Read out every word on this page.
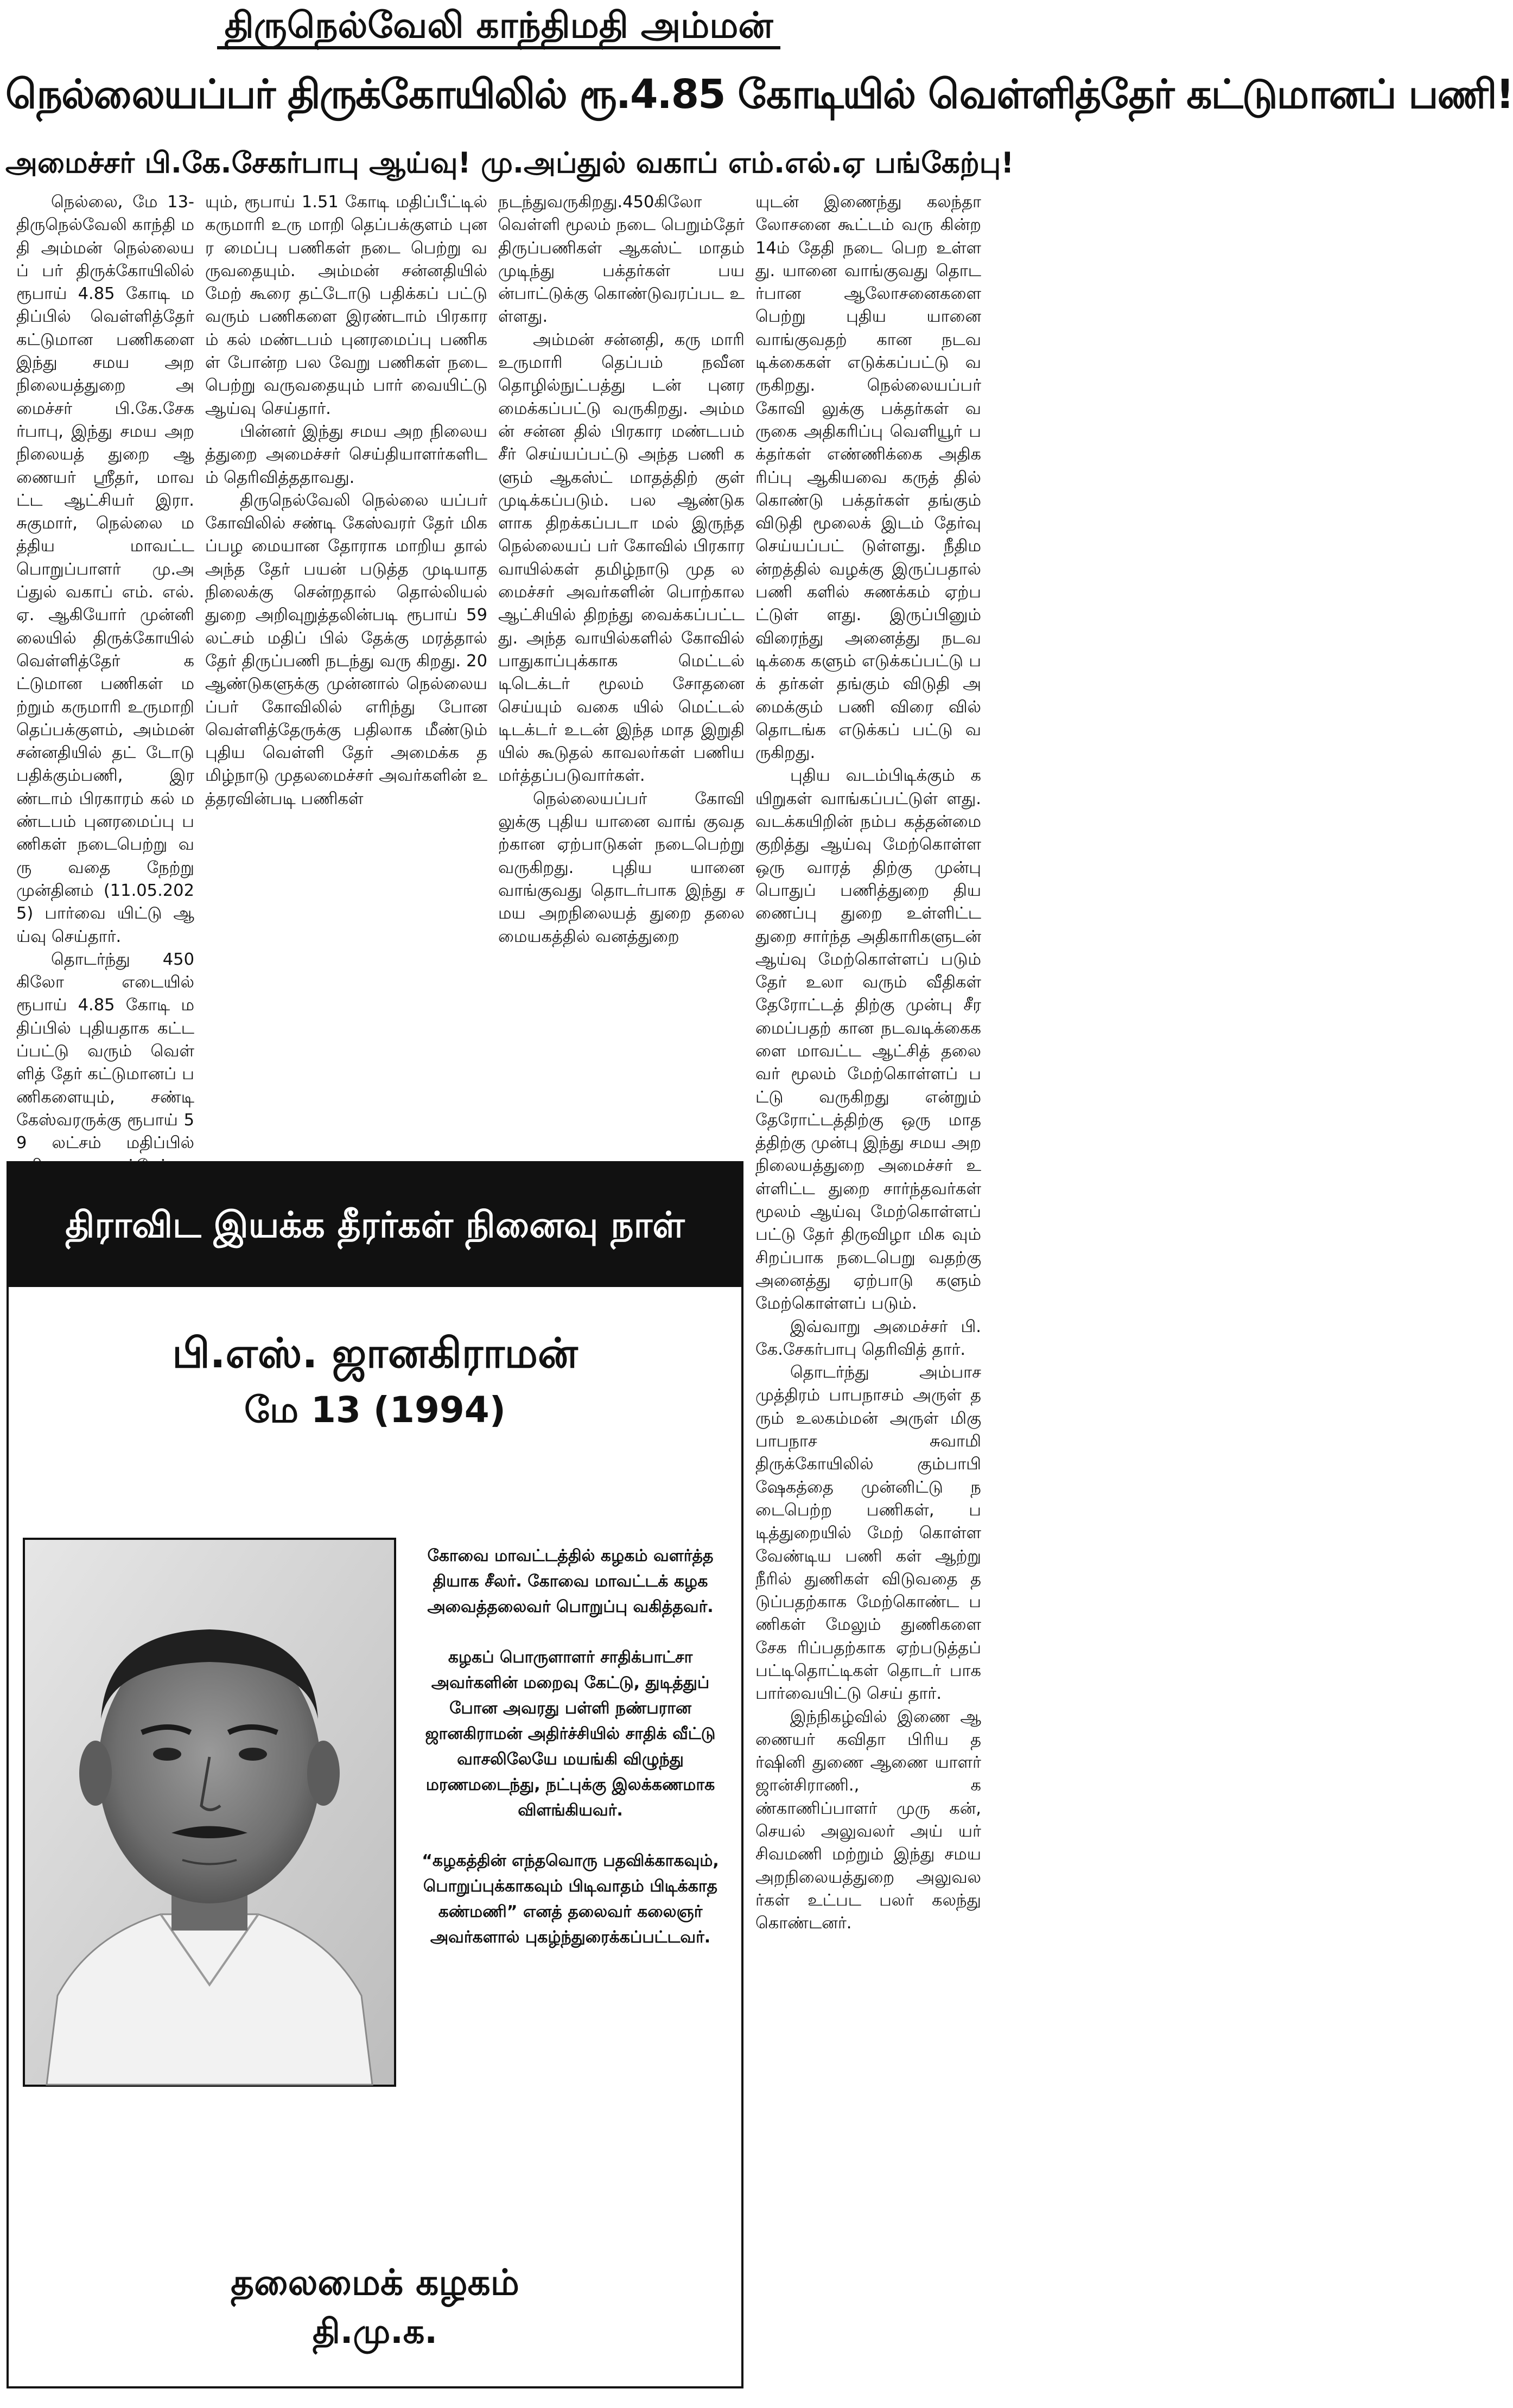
திருநெல்வேலி காந்திமதி அம்மன்
நெல்லையப்பர் திருக்கோயிலில் ரூ.4.85 கோடியில் வெள்ளித்தேர் கட்டுமானப் பணி!
அமைச்சர் பி.கே.சேகர்பாபு ஆய்வு! மு.அப்துல் வகாப் எம்.எல்.ஏ பங்கேற்பு!

நெல்லை, மே 13- திருநெல்வேலி காந்தி மதி அம்மன் நெல்லையப் பர் திருக்கோயிலில் ரூபாய் 4.85 கோடி மதிப்பில் வெள்ளித்தேர் கட்டுமான பணிகளை இந்து சமய அற நிலையத்துறை அமைச்சர் பி.கே.சேகர்பாபு, இந்து சமய அறநிலையத் துறை ஆணையர் ஸ்ரீதர், மாவட்ட ஆட்சியர் இரா. சுகுமார், நெல்லை மத்திய மாவட்ட பொறுப்பாளர் மு.அப்துல் வகாப் எம். எல்.ஏ. ஆகியோர் முன்னி லையில் திருக்கோயில் வெள்ளித்தேர் கட்டுமான பணிகள் மற்றும் கருமாரி உருமாறி தெப்பக்குளம், அம்மன் சன்னதியில் தட் டோடு பதிக்கும்பணி, இரண்டாம் பிரகாரம் கல் மண்டபம் புனரமைப்பு பணிகள் நடைபெற்று வரு வதை நேற்று முன்தினம் (11.05.2025) பார்வை யிட்டு ஆய்வு செய்தார்.

தொடர்ந்து 450 கிலோ எடையில் ரூபாய் 4.85 கோடி மதிப்பில் புதியதாக கட்டப்பட்டு வரும் வெள் ளித் தேர் கட்டுமானப் பணிகளையும், சண்டி கேஸ்வரருக்கு ரூபாய் 59 லட்சம் மதிப்பில்

யும், ரூபாய் 1.51 கோடி மதிப்பீட்டில் கருமாரி உரு மாறி தெப்பக்குளம் புனர மைப்பு பணிகள் நடை பெற்று வருவதையும். அம்மன் சன்னதியில் மேற் கூரை தட்டோடு பதிக்கப் பட்டு வரும் பணிகளை இரண்டாம் பிரகாரம் கல் மண்டபம் புனரமைப்பு பணிகள் போன்ற பல வேறு பணிகள் நடை பெற்று வருவதையும் பார் வையிட்டு ஆய்வு செய்தார்.

பின்னர் இந்து சமய அற நிலையத்துறை அமைச்சர் செய்தியாளர்களிடம் தெரிவித்ததாவது.

திருநெல்வேலி நெல்லை யப்பர் கோவிலில் சண்டி கேஸ்வரர் தேர் மிகப்பழ மையான தோராக மாறிய தால் அந்த தேர் பயன் படுத்த முடியாத நிலைக்கு சென்றதால் தொல்லியல் துறை அறிவுறுத்தலின்படி ரூபாய் 59 லட்சம் மதிப் பில் தேக்கு மரத்தால் தேர் திருப்பணி நடந்து வரு கிறது. 20 ஆண்டுகளுக்கு முன்னால் நெல்லையப்பர் கோவிலில் எரிந்து போன வெள்ளித்தேருக்கு பதிலாக மீண்டும் புதிய வெள்ளி தேர் அமைக்க தமிழ்நாடு முதலமைச்சர் அவர்களின் உத்தரவின்படி பணிகள்

நடந்துவருகிறது.450கிலோ வெள்ளி மூலம் நடை பெறும்தேர் திருப்பணிகள் ஆகஸ்ட் மாதம் முடிந்து பக்தர்கள் பயன்பாட்டுக்கு கொண்டுவரப்பட உள்ளது.

அம்மன் சன்னதி, கரு மாரி உருமாரி தெப்பம் நவீன தொழில்நுட்பத்து டன் புனரமைக்கப்பட்டு வருகிறது. அம்மன் சன்ன தில் பிரகார மண்டபம் சீர் செய்யப்பட்டு அந்த பணி களும் ஆகஸ்ட் மாதத்திற் குள் முடிக்கப்படும். பல ஆண்டுகளாக திறக்கப்படா மல் இருந்த நெல்லையப் பர் கோவில் பிரகார வாயில்கள் தமிழ்நாடு முத லமைச்சர் அவர்களின் பொற்கால ஆட்சியில் திறந்து வைக்கப்பட்டது. அந்த வாயில்களில் கோவில் பாதுகாப்புக்காக மெட்டல் டிடெக்டர் மூலம் சோதனை செய்யும் வகை யில் மெட்டல் டிடக்டர் உடன் இந்த மாத இறுதி யில் கூடுதல் காவலர்கள் பணியமர்த்தப்படுவார்கள்.

நெல்லையப்பர் கோவி லுக்கு புதிய யானை வாங் குவதற்கான ஏற்பாடுகள் நடைபெற்று வருகிறது. புதிய யானை வாங்குவது தொடர்பாக இந்து சமய அறநிலையத் துறை தலை மையகத்தில் வனத்துறை

யுடன் இணைந்து கலந்தா லோசனை கூட்டம் வரு கின்ற 14ம் தேதி நடை பெற உள்ளது. யானை வாங்குவது தொடர்பான ஆலோசனைகளை பெற்று புதிய யானை வாங்குவதற் கான நடவடிக்கைகள் எடுக்கப்பட்டு வருகிறது. நெல்லையப்பர் கோவி லுக்கு பக்தர்கள் வருகை அதிகரிப்பு வெளியூர் பக்தர்கள் எண்ணிக்கை அதிகரிப்பு ஆகியவை கருத் தில் கொண்டு பக்தர்கள் தங்கும் விடுதி மூலைக் இடம் தேர்வு செய்யப்பட் டுள்ளது. நீதிமன்றத்தில் வழக்கு இருப்பதால் பணி களில் சுணக்கம் ஏற்பட்டுள் ளது. இருப்பினும் விரைந்து அனைத்து நடவடிக்கை களும் எடுக்கப்பட்டு பக் தர்கள் தங்கும் விடுதி அமைக்கும் பணி விரை வில் தொடங்க எடுக்கப் பட்டு வருகிறது.

புதிய வடம்பிடிக்கும் கயிறுகள் வாங்கப்பட்டுள் ளது. வடக்கயிறின் நம்ப கத்தன்மை குறித்து ஆய்வு மேற்கொள்ள ஒரு வாரத் திற்கு முன்பு பொதுப் பணித்துறை தியணைப்பு துறை உள்ளிட்ட துறை சார்ந்த அதிகாரிகளுடன் ஆய்வு மேற்கொள்ளப் படும் தேர் உலா வரும் வீதிகள் தேரோட்டத் திற்கு முன்பு சீரமைப்பதற் கான நடவடிக்கைகளை மாவட்ட ஆட்சித் தலை வர் மூலம் மேற்கொள்ளப் பட்டு வருகிறது என்றும் தேரோட்டத்திற்கு ஒரு மாதத்திற்கு முன்பு இந்து சமய அறநிலையத்துறை அமைச்சர் உள்ளிட்ட துறை சார்ந்தவர்கள் மூலம் ஆய்வு மேற்கொள்ளப் பட்டு தேர் திருவிழா மிக வும் சிறப்பாக நடைபெறு வதற்கு அனைத்து ஏற்பாடு களும் மேற்கொள்ளப் படும்.

இவ்வாறு அமைச்சர் பி.கே.சேகர்பாபு தெரிவித் தார்.

தொடர்ந்து அம்பாச முத்திரம் பாபநாசம் அருள் தரும் உலகம்மன் அருள் மிகு பாபநாச சுவாமி திருக்கோயிலில் கும்பாபி ஷேகத்தை முன்னிட்டு நடைபெற்ற பணிகள், படித்துறையில் மேற் கொள்ள வேண்டிய பணி கள் ஆற்று நீரில் துணிகள் விடுவதை தடுப்பதற்காக மேற்கொண்ட பணிகள் மேலும் துணிகளை சேக ரிப்பதற்காக ஏற்படுத்தப் பட்டிதொட்டிகள் தொடர் பாக பார்வையிட்டு செய் தார்.

இந்நிகழ்வில் இணை ஆணையர் கவிதா பிரிய தர்ஷினி துணை ஆணை யாளர் ஜான்சிராணி., கண்காணிப்பாளர் முரு கன்,செயல் அலுவலர் அய் யர் சிவமணி மற்றும் இந்து சமய அறநிலையத்துறை அலுவலர்கள் உட்பட பலர் கலந்து கொண்டனர்.

திராவிட இயக்க தீரர்கள் நினைவு நாள்
பி.எஸ். ஜானகிராமன்
மே 13 (1994)

கோவை மாவட்டத்தில் கழகம் வளர்த்த தியாக சீலர். கோவை மாவட்டக் கழக அவைத்தலைவர் பொறுப்பு வகித்தவர்.

கழகப் பொருளாளர் சாதிக்பாட்சா அவர்களின் மறைவு கேட்டு, துடித்துப் போன அவரது பள்ளி நண்பரான ஜானகிராமன் அதிர்ச்சியில் சாதிக் வீட்டு வாசலிலேயே மயங்கி விழுந்து மரணமடைந்து, நட்புக்கு இலக்கணமாக விளங்கியவர்.

“கழகத்தின் எந்தவொரு பதவிக்காகவும், பொறுப்புக்காகவும் பிடிவாதம் பிடிக்காத கண்மணி” எனத் தலைவர் கலைஞர் அவர்களால் புகழ்ந்துரைக்கப்பட்டவர்.

தலைமைக் கழகம்
தி.மு.க.
